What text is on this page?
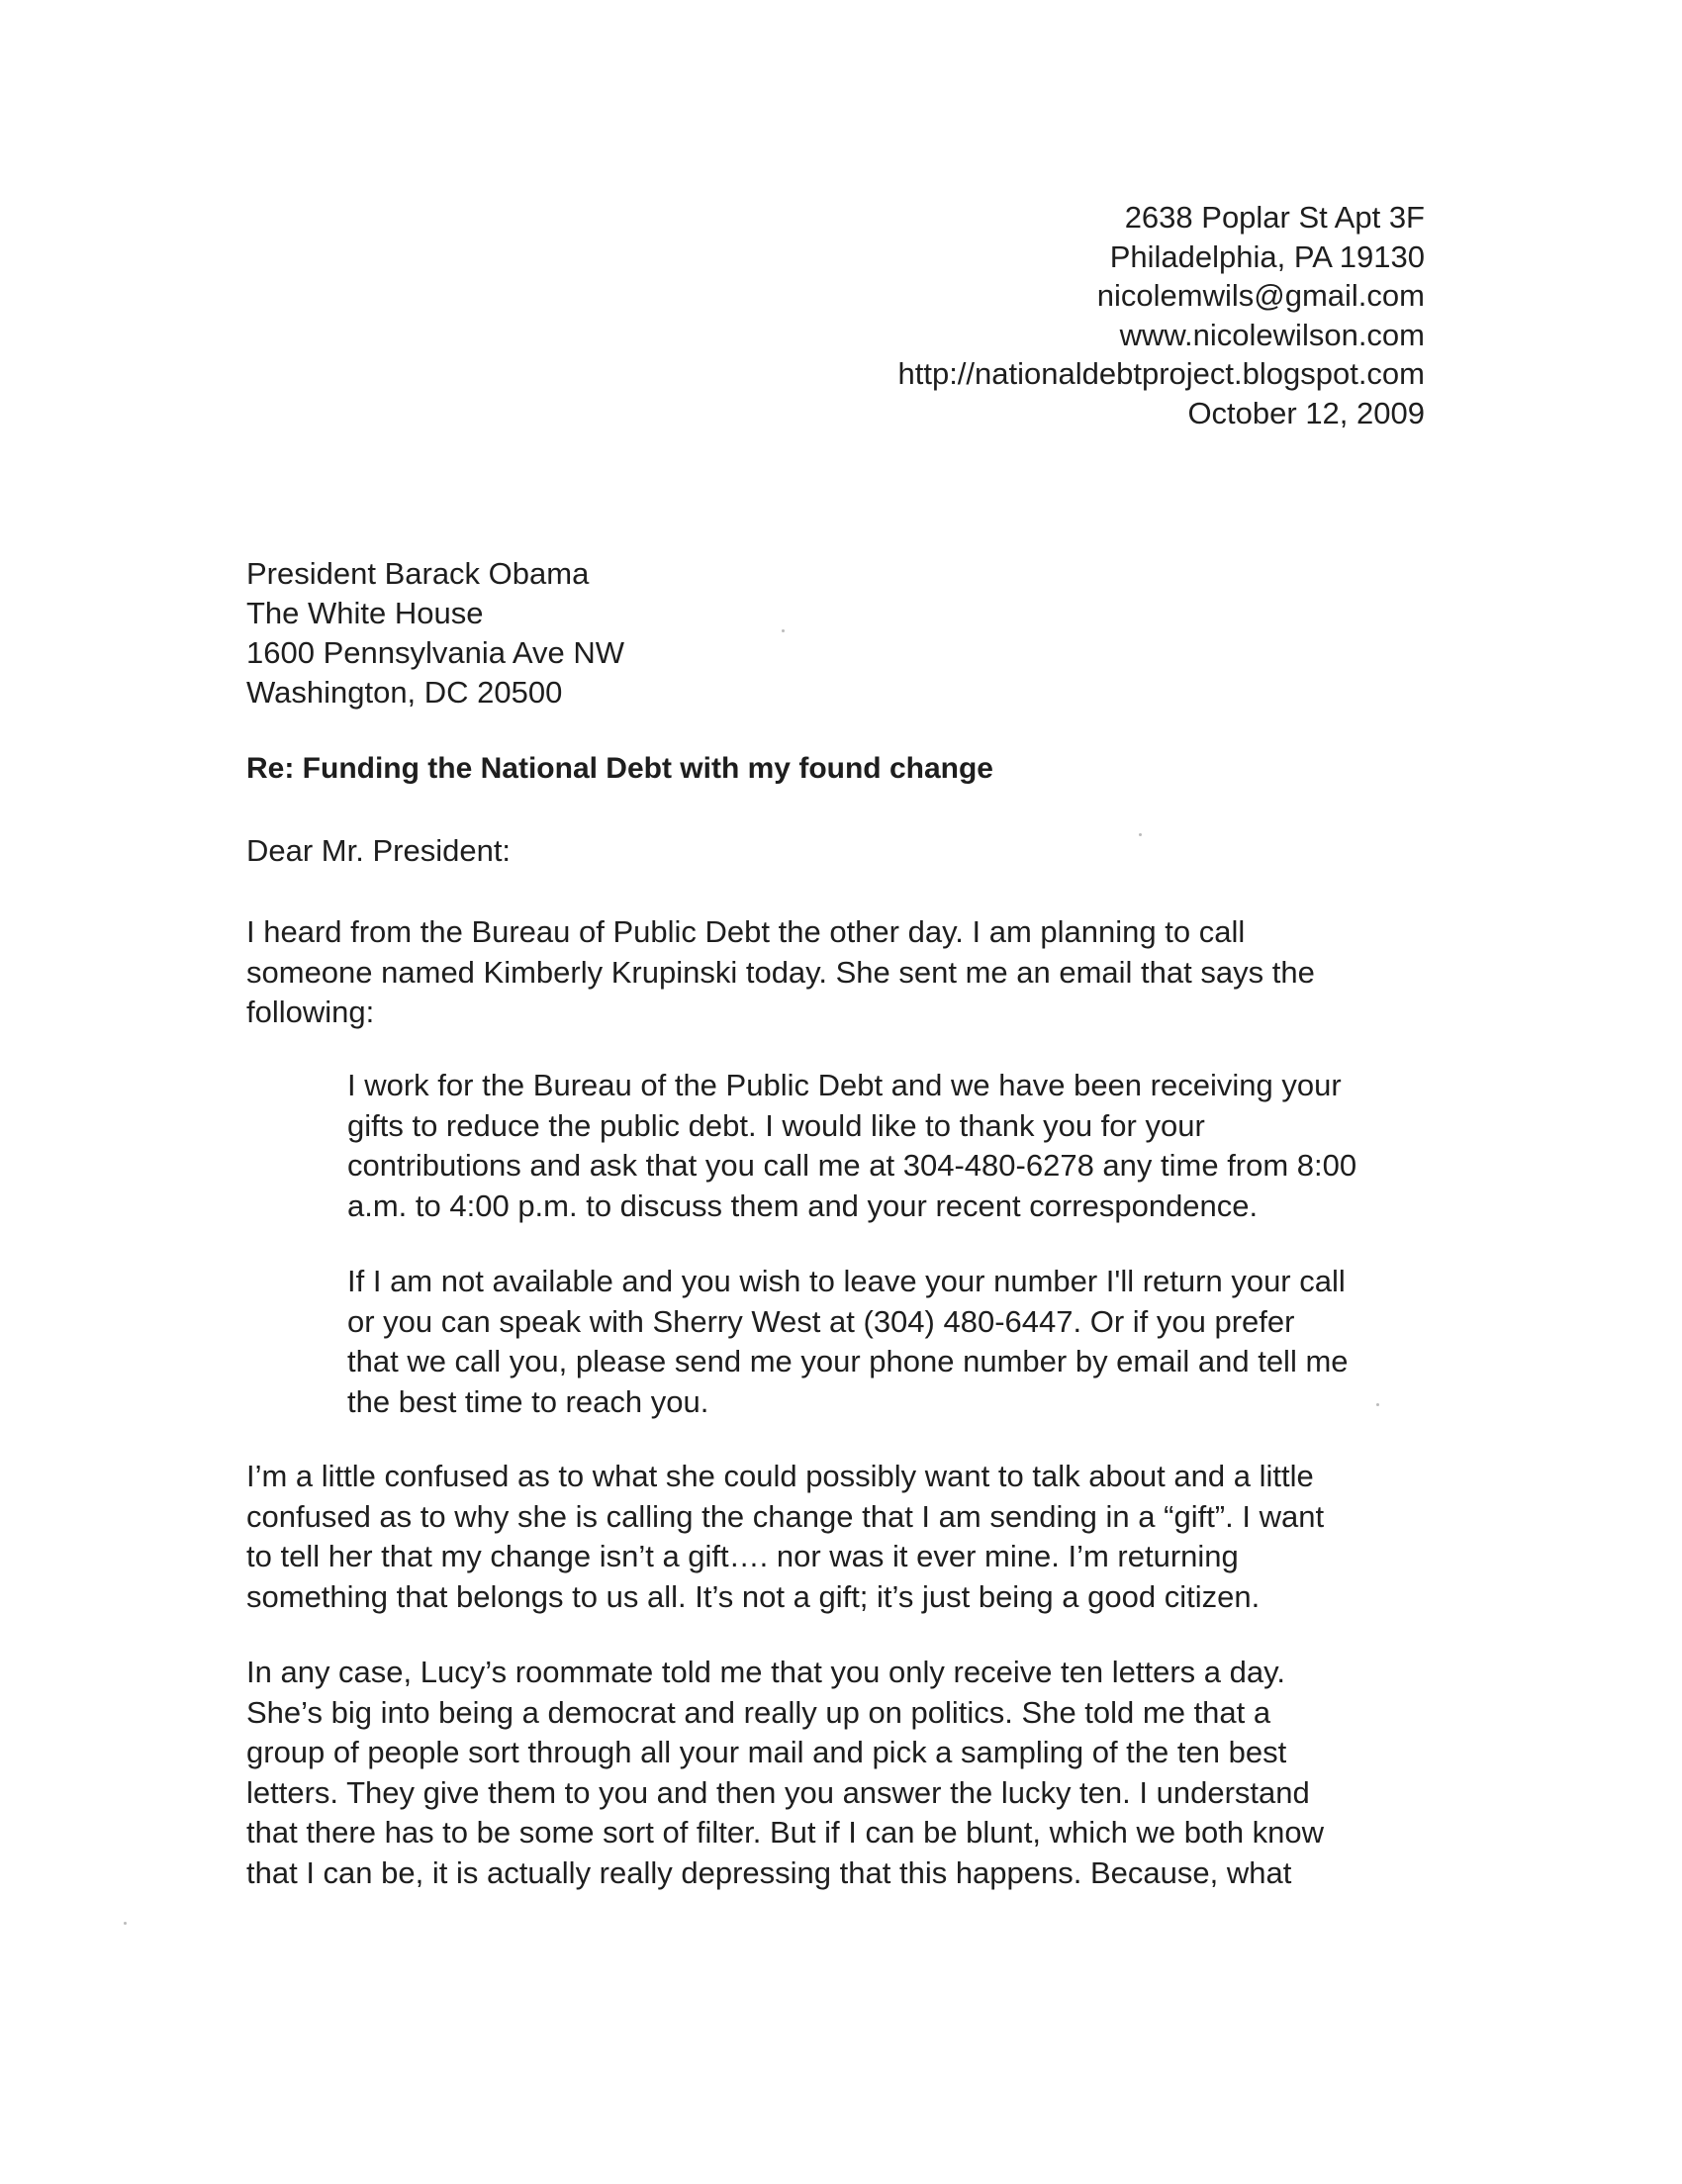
2638 Poplar St Apt 3F
Philadelphia, PA 19130
nicolemwils@gmail.com
www.nicolewilson.com
http://nationaldebtproject.blogspot.com
October 12, 2009
President Barack Obama
The White House
1600 Pennsylvania Ave NW
Washington, DC 20500
Re: Funding the National Debt with my found change
Dear Mr. President:
I heard from the Bureau of Public Debt the other day. I am planning to call
someone named Kimberly Krupinski today. She sent me an email that says the
following:
I work for the Bureau of the Public Debt and we have been receiving your
gifts to reduce the public debt. I would like to thank you for your
contributions and ask that you call me at 304-480-6278 any time from 8:00
a.m. to 4:00 p.m. to discuss them and your recent correspondence.
If I am not available and you wish to leave your number I'll return your call
or you can speak with Sherry West at (304) 480-6447. Or if you prefer
that we call you, please send me your phone number by email and tell me
the best time to reach you.
I’m a little confused as to what she could possibly want to talk about and a little
confused as to why she is calling the change that I am sending in a “gift”. I want
to tell her that my change isn’t a gift…. nor was it ever mine. I’m returning
something that belongs to us all. It’s not a gift; it’s just being a good citizen.
In any case, Lucy’s roommate told me that you only receive ten letters a day.
She’s big into being a democrat and really up on politics. She told me that a
group of people sort through all your mail and pick a sampling of the ten best
letters. They give them to you and then you answer the lucky ten. I understand
that there has to be some sort of filter. But if I can be blunt, which we both know
that I can be, it is actually really depressing that this happens. Because, what
